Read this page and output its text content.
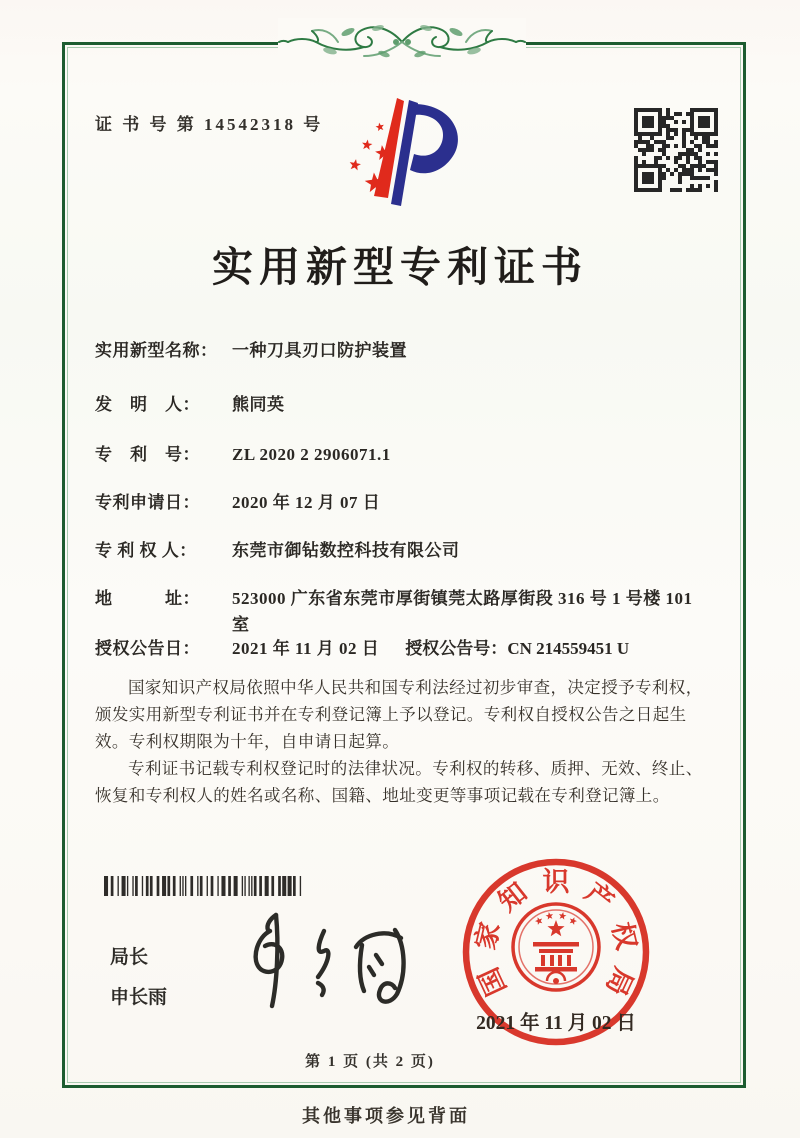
证 书 号 第 14542318 号
实用新型专利证书
实用新型名称： 一种刀具刃口防护装置
发　明　人：	熊同英
专　利　号：	ZL 2020 2 2906071.1
专利申请日：	2020 年 12 月 07 日
专 利 权 人：	东莞市御钻数控科技有限公司
地　　　址：	523000 广东省东莞市厚街镇莞太路厚街段 316 号 1 号楼 101 室
授权公告日：	2021 年 11 月 02 日 授权公告号： CN 214559451 U

国家知识产权局依照中华人民共和国专利法经过初步审查，决定授予专利权，颁发实用新型专利证书并在专利登记簿上予以登记。专利权自授权公告之日起生效。专利权期限为十年，自申请日起算。

专利证书记载专利权登记时的法律状况。专利权的转移、质押、无效、终止、恢复和专利权人的姓名或名称、国籍、地址变更等事项记载在专利登记簿上。

局长
申长雨	国
家
知 识 产
权
局
2021 年 11 月 02 日
第 1 页 (共 2 页)
其他事项参见背面
